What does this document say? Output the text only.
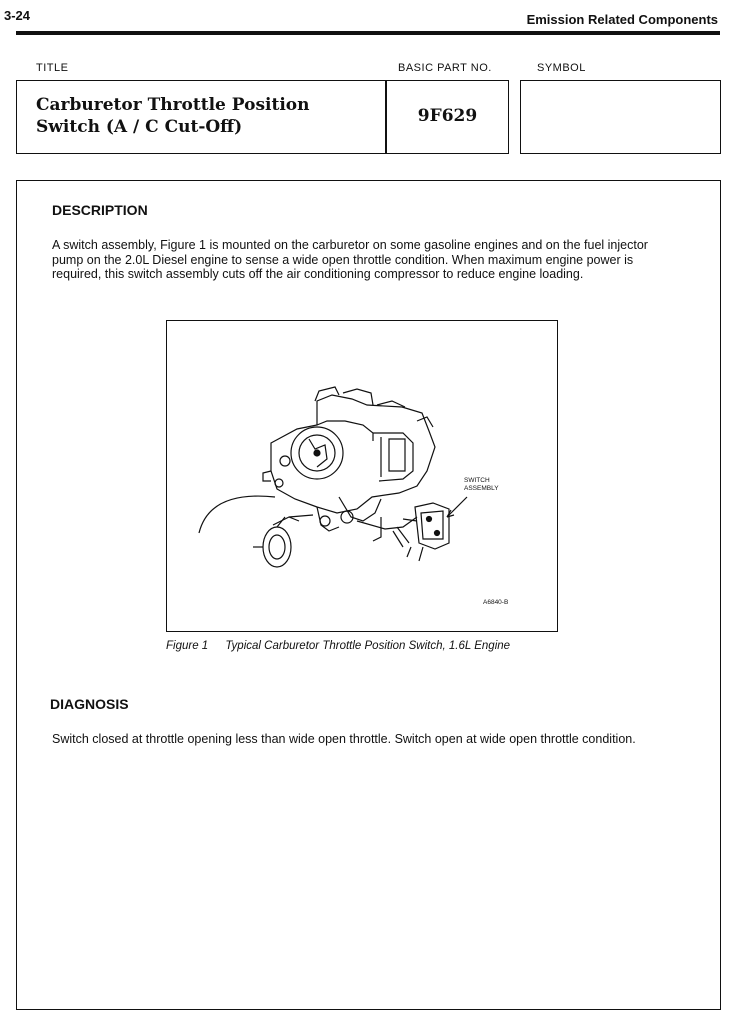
3-24	Emission Related Components
TITLE	BASIC PART NO.	SYMBOL
Carburetor Throttle Position
Switch (A / C Cut-Off)
9F629
DESCRIPTION
A switch assembly, Figure 1 is mounted on the carburetor on some gasoline engines and on the fuel injector pump on the 2.0L Diesel engine to sense a wide open throttle condition. When maximum engine power is required, this switch assembly cuts off the air conditioning compressor to reduce engine loading.
SWITCH
ASSEMBLY
A6840-B
Figure 1 Typical Carburetor Throttle Position Switch, 1.6L Engine
DIAGNOSIS
Switch closed at throttle opening less than wide open throttle. Switch open at wide open throttle condition.
